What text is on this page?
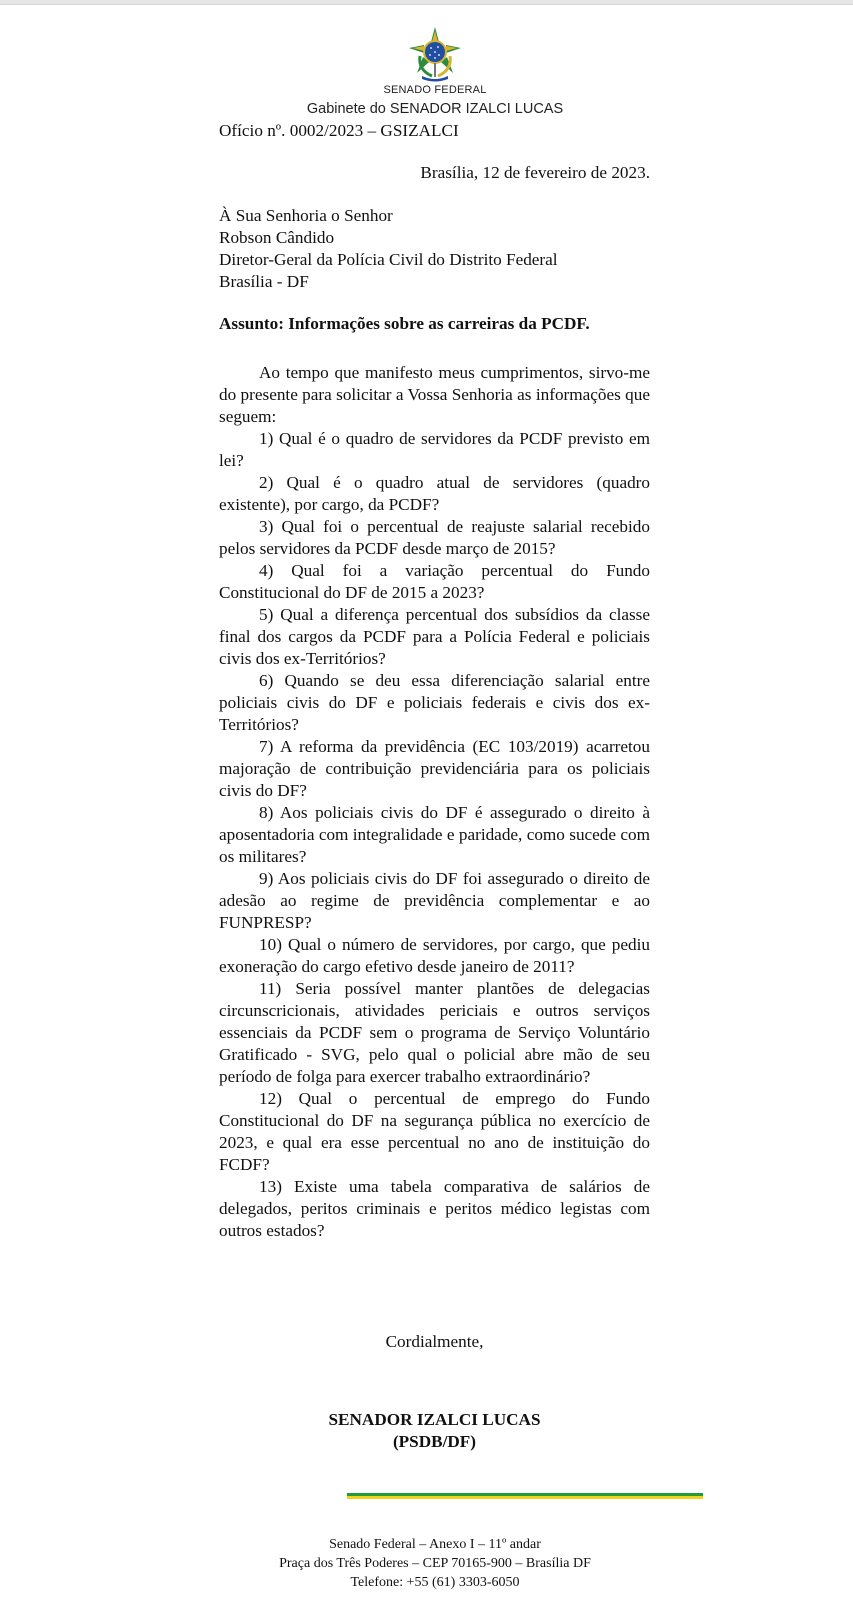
SENADO FEDERAL
Gabinete do SENADOR IZALCI LUCAS
Ofício nº. 0002/2023 – GSIZALCI
Brasília, 12 de fevereiro de 2023.

À Sua Senhoria o Senhor

Robson Cândido

Diretor-Geral da Polícia Civil do Distrito Federal

Brasília - DF

Assunto: Informações sobre as carreiras da PCDF.

Ao tempo que manifesto meus cumprimentos, sirvo-me do presente para solicitar a Vossa Senhoria as informações que seguem:

1) Qual é o quadro de servidores da PCDF previsto em lei?

2) Qual é o quadro atual de servidores (quadro existente), por cargo, da PCDF?

3) Qual foi o percentual de reajuste salarial recebido pelos servidores da PCDF desde março de 2015?

4) Qual foi a variação percentual do Fundo Constitucional do DF de 2015 a 2023?

5) Qual a diferença percentual dos subsídios da classe final dos cargos da PCDF para a Polícia Federal e policiais civis dos ex-Territórios?

6) Quando se deu essa diferenciação salarial entre policiais civis do DF e policiais federais e civis dos ex-Territórios?

7) A reforma da previdência (EC 103/2019) acarretou majoração de contribuição previdenciária para os policiais civis do DF?

8) Aos policiais civis do DF é assegurado o direito à aposentadoria com integralidade e paridade, como sucede com os militares?

9) Aos policiais civis do DF foi assegurado o direito de adesão ao regime de previdência complementar e ao FUNPRESP?

10) Qual o número de servidores, por cargo, que pediu exoneração do cargo efetivo desde janeiro de 2011?

11) Seria possível manter plantões de delegacias circunscricionais, atividades periciais e outros serviços essenciais da PCDF sem o programa de Serviço Voluntário Gratificado - SVG, pelo qual o policial abre mão de seu período de folga para exercer trabalho extraordinário?

12) Qual o percentual de emprego do Fundo Constitucional do DF na segurança pública no exercício de 2023, e qual era esse percentual no ano de instituição do FCDF?

13) Existe uma tabela comparativa de salários de delegados, peritos criminais e peritos médico legistas com outros estados?

Cordialmente,
SENADOR IZALCI LUCAS
(PSDB/DF)
Senado Federal – Anexo I – 11º andar
Praça dos Três Poderes – CEP 70165-900 – Brasília DF
Telefone: +55 (61) 3303-6050
